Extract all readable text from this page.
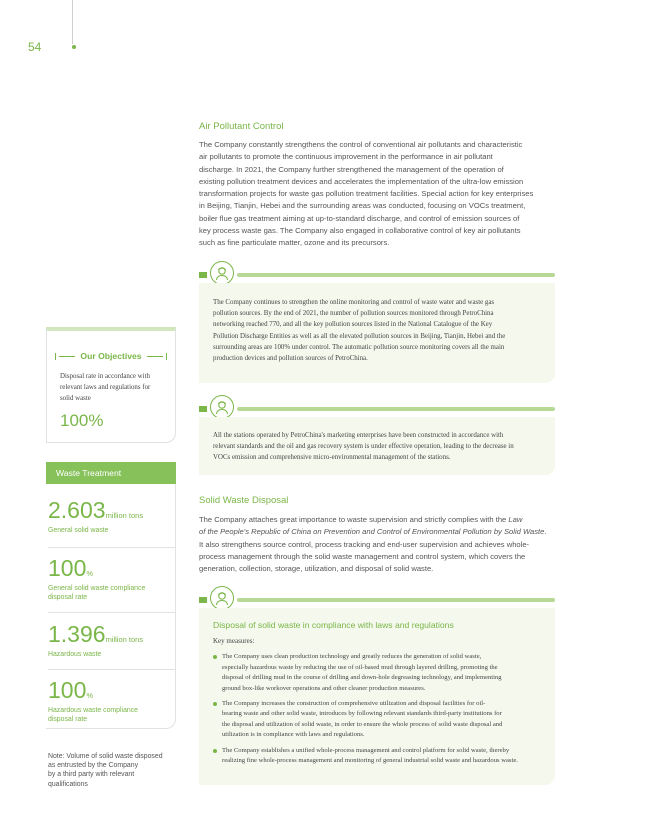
54
Air Pollutant Control
The Company constantly strengthens the control of conventional air pollutants and characteristic
air pollutants to promote the continuous improvement in the performance in air pollutant
discharge. In 2021, the Company further strengthened the management of the operation of
existing pollution treatment devices and accelerates the implementation of the ultra-low emission
transformation projects for waste gas pollution treatment facilities. Special action for key enterprises
in Beijing, Tianjin, Hebei and the surrounding areas was conducted, focusing on VOCs treatment,
boiler flue gas treatment aiming at up-to-standard discharge, and control of emission sources of
key process waste gas. The Company also engaged in collaborative control of key air pollutants
such as fine particulate matter, ozone and its precursors.
The Company continues to strengthen the online monitoring and control of waste water and waste gas
pollution sources. By the end of 2021, the number of pollution sources monitored through PetroChina
networking reached 770, and all the key pollution sources listed in the National Catalogue of the Key
Pollution Discharge Entities as well as all the elevated pollution sources in Beijing, Tianjin, Hebei and the
surrounding areas are 100% under control. The automatic pollution source monitoring covers all the main
production devices and pollution sources of PetroChina.
All the stations operated by PetroChina's marketing enterprises have been constructed in accordance with
relevant standards and the oil and gas recovery system is under effective operation, leading to the decrease in
VOCs emission and comprehensive micro-environmental management of the stations.
Solid Waste Disposal
The Company attaches great importance to waste supervision and strictly complies with the Law
of the People's Republic of China on Prevention and Control of Environmental Pollution by Solid Waste.
It also strengthens source control, process tracking and end-user supervision and achieves whole-
process management through the solid waste management and control system, which covers the
generation, collection, storage, utilization, and disposal of solid waste.
Disposal of solid waste in compliance with laws and regulations
Key measures:
The Company uses clean production technology and greatly reduces the generation of solid waste,
especially hazardous waste by reducing the use of oil-based mud through layered drilling, promoting the
disposal of drilling mud in the course of drilling and down-hole degreasing technology, and implementing
ground box-like workover operations and other cleaner production measures.
The Company increases the construction of comprehensive utilization and disposal facilities for oil-
bearing waste and other solid waste, introduces by following relevant standards third-party institutions for
the disposal and utilization of solid waste, in order to ensure the whole process of solid waste disposal and
utilization is in compliance with laws and regulations.
The Company establishes a unified whole-process management and control platform for solid waste, thereby
realizing fine whole-process management and monitoring of general industrial solid waste and hazardous waste.
Our Objectives
Disposal rate in accordance with
relevant laws and regulations for
solid waste
100%
Waste Treatment
2.603million tons
General solid waste
100%
General solid waste compliance
disposal rate
1.396million tons
Hazardous waste
100%
Hazardous waste compliance
disposal rate
Note: Volume of solid waste disposed
as entrusted by the Company
by a third party with relevant
qualifications
